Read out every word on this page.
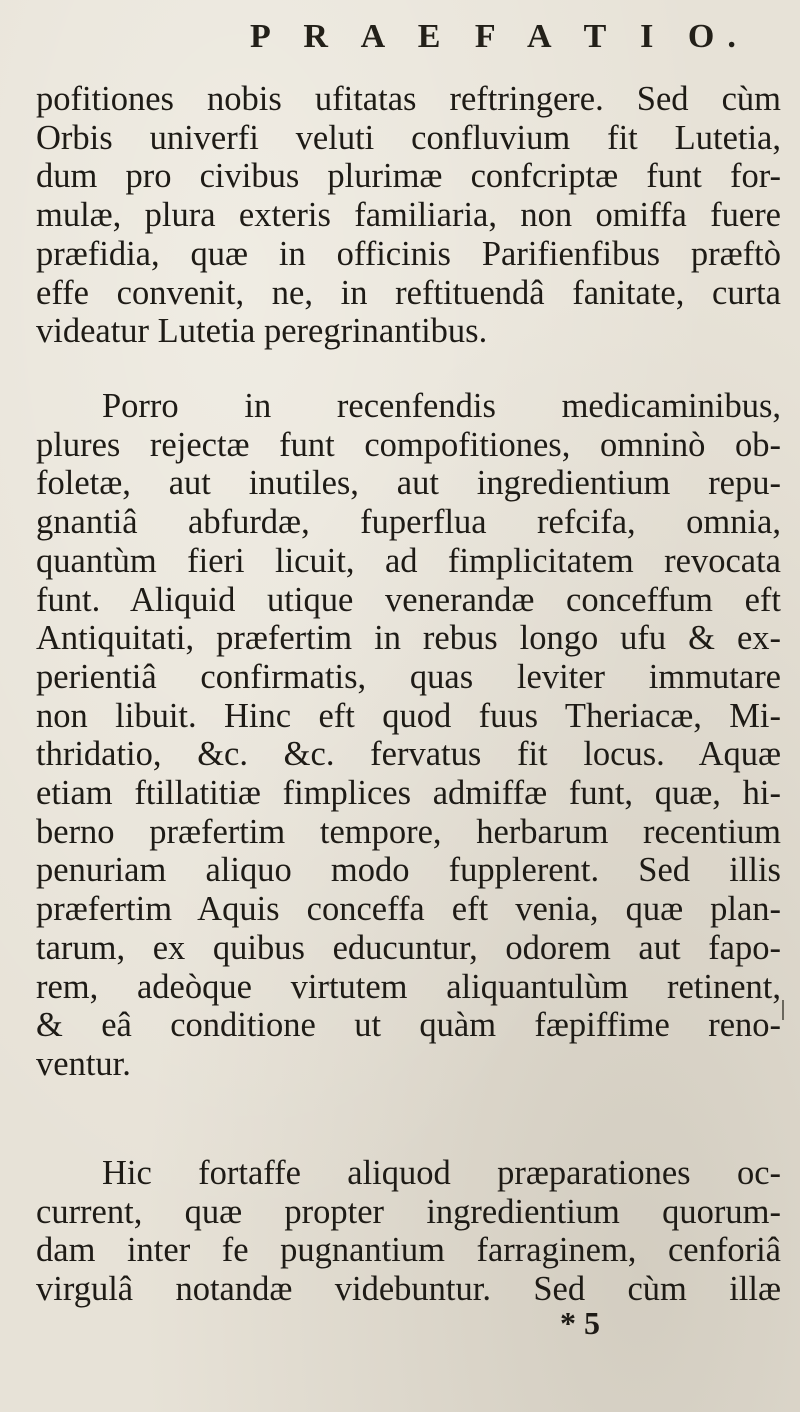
P R A E F A T I O.
pofitiones nobis ufitatas reftringere. Sed cùm
Orbis univerfi veluti confluvium fit Lutetia,
dum pro civibus plurimæ confcriptæ funt for-
mulæ, plura exteris familiaria, non omiffa fuere
præfidia, quæ in officinis Parifienfibus præftò
effe convenit, ne, in reftituendâ fanitate, curta
videatur Lutetia peregrinantibus.
Porro in recenfendis medicaminibus,
plures rejectæ funt compofitiones, omninò ob-
foletæ, aut inutiles, aut ingredientium repu-
gnantiâ abfurdæ, fuperflua refcifa, omnia,
quantùm fieri licuit, ad fimplicitatem revocata
funt. Aliquid utique venerandæ conceffum eft
Antiquitati, præfertim in rebus longo ufu & ex-
perientiâ confirmatis, quas leviter immutare
non libuit. Hinc eft quod fuus Theriacæ, Mi-
thridatio, &c. &c. fervatus fit locus. Aquæ
etiam ftillatitiæ fimplices admiffæ funt, quæ, hi-
berno præfertim tempore, herbarum recentium
penuriam aliquo modo fupplerent. Sed illis
præfertim Aquis conceffa eft venia, quæ plan-
tarum, ex quibus educuntur, odorem aut fapo-
rem, adeòque virtutem aliquantulùm retinent,
& eâ conditione ut quàm fæpiffime reno-
ventur.
Hic fortaffe aliquod præparationes oc-
current, quæ propter ingredientium quorum-
dam inter fe pugnantium farraginem, cenforiâ
virgulâ notandæ videbuntur. Sed cùm illæ
* 5
